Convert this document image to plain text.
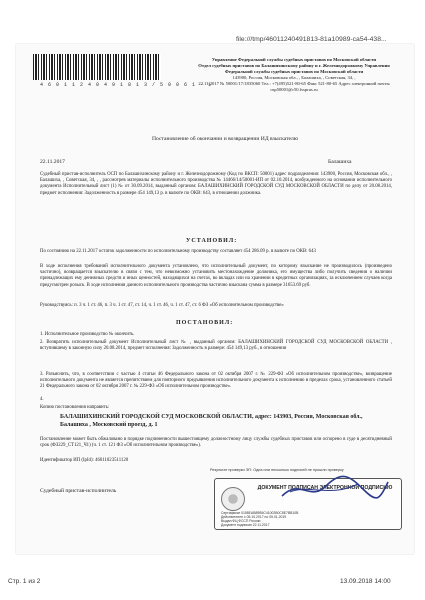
file:///tmp/46011240491813-81a10989-ca54-438...
4 6 0 1 1 2 4 0 4 9 1 8 1 3 / 5 0 0 6 1 - 1
Управление Федеральной службы судебных приставов по Московской области
Отдел судебных приставов по Балашихинскому району и г. Железнодорожному Управления Федеральной службы судебных приставов по Московской области
143900, Россия, Московская обл., , Балашиха, , Советская, 34, ,
22.11.2017 № 50001/17/1835060 Тел.: +7(495)521-80-65 Факс 521-80-65 Адрес электронной почты osp50001@r50.fssprus.ru
Постановление об окончании и возвращении ИД взыскателю
22.11.2017	Балашиха
Судебный пристав-исполнитель ОСП по Балашихинскому району и г. Железнодорожному (Код по ВКСП: 50001) адрес подразделения: 143900, Россия, Московская обл., , Балашиха, , Советская, 34, , , рассмотрев материалы исполнительного производства № 14466/14/50001-ИП от 02.10.2014, возбужденного на основании исполнительного документа Исполнительный лист (1) № от 30.09.2014, выданный органом: БАЛАШИХИНСКИЙ ГОРОДСКОЙ СУД МОСКОВСКОЙ ОБЛАСТИ по делу от 20.08.2014, предмет исполнения: Задолженность в размере 454 149,13 р. в валюте по ОКВ: 643, в отношении должника.
УСТАНОВИЛ:
По состоянию на 22.11.2017 остаток задолженности по исполнительному производству составляет 454 286.09 р. в валюте по ОКВ: 643
В ходе исполнения требований исполнительного документа установлено, что исполнительный документ, по которому взыскание не производилось (произведено частично), возвращается взыскателю в связи с тем, что невозможно установить местонахождение должника, его имущества либо получить сведения о наличии принадлежащих ему денежных средств и иных ценностей, находящихся на счетах, во вкладах или на хранении в кредитных организациях, за исключением случаев когда предусмотрен розыск. В ходе исполнения данного исполнительного производства частично взыскана сумма в размере 31653.69 руб.
Руководствуясь: п. 3 ч. 1 ст. 46, п. 3 ч. 1 ст. 47, ст. 14, ч. 1 ст. 46, ч. 1 ст. 47, ст. 6 ФЗ «Об исполнительном производстве»
ПОСТАНОВИЛ:
1. Исполнительное производство № окончить.
2. Возвратить исполнительный документ Исполнительный лист № , выданный органом: БАЛАШИХИНСКИЙ ГОРОДСКОЙ СУД МОСКОВСКОЙ ОБЛАСТИ , вступившему в законную силу 20.08.2014, предмет исполнения: Задолженность в размере: 454 149,13 руб., в отношении
3. Разъяснить, что, в соответствии с частью 4 статьи 46 Федерального закона от 02 октября 2007 г. № 229-ФЗ «Об исполнительном производстве», возвращение исполнительного документа не является препятствием для повторного предъявления исполнительного документа к исполнению в пределах срока, установленного статьей 21 Федерального закона от 02 октября 2007 г. № 229-ФЗ «Об исполнительном производстве».
4.
Копию постановления направить:
БАЛАШИХИНСКИЙ ГОРОДСКОЙ СУД МОСКОВСКОЙ ОБЛАСТИ, адрес: 143903, Россия, Московская обл., Балашиха , Московский проезд, д. 1
Постановление может быть обжаловано в порядке подчиненности вышестоящему должностному лицу службы судебных приставов или оспорено в суде в десятидневный срок (ФЗ229_СТ121_Ч1) (ч. 1 ст. 121 ФЗ «Об исполнительном производстве»).
Идентификатор ИП (IpId): 46011023511120
Результат проверки ЭП: Одна или несколько подписей не прошли проверку
Судебный пристав-исполнитель	ДОКУМЕНТ ПОДПИСАН ЭЛЕКТРОННОЙ ПОДПИСЬЮ
Сертификат 0158EAB89B5C41002B0C8E7BB10B
Действителен с 05.10.2017 по 05.01.2019
Выдан ФЦ ФССП России
Документ подписан 22.11.2017
Стр. 1 из 2	13.09.2018 14:00
